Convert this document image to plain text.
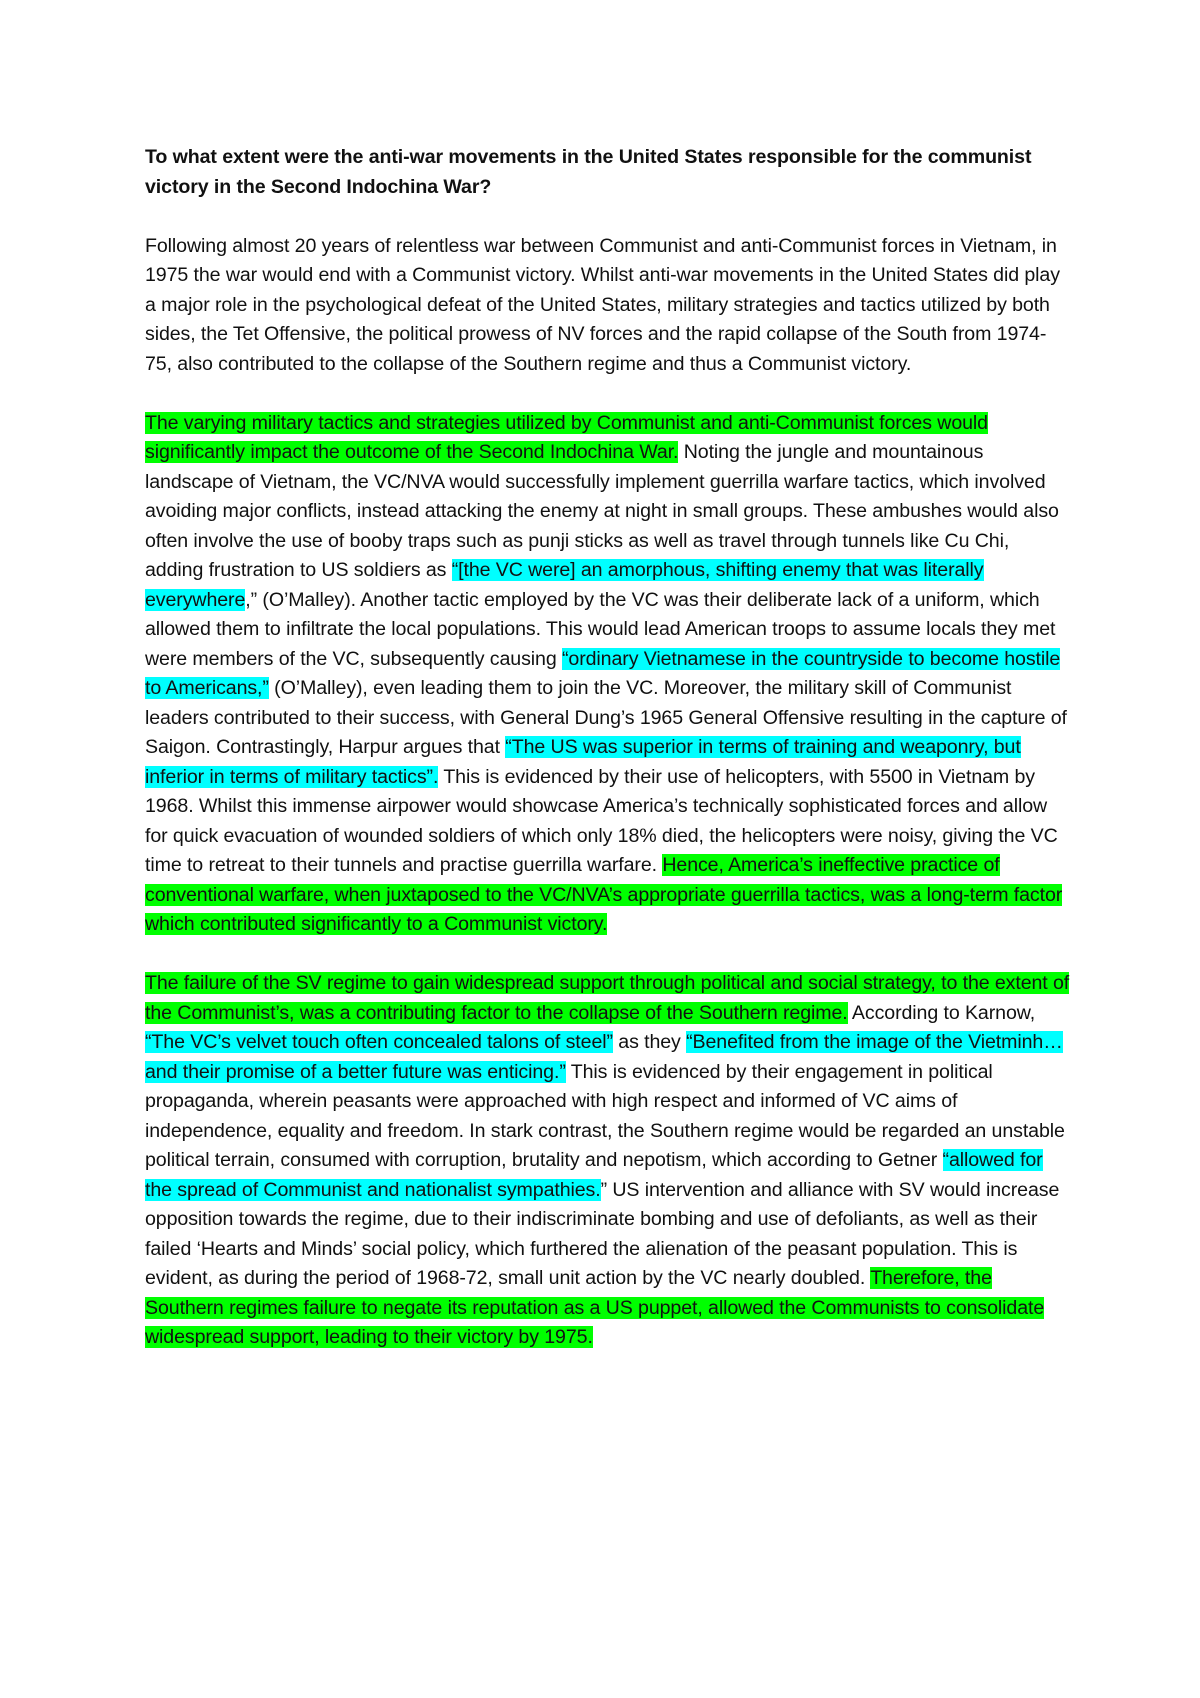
To what extent were the anti-war movements in the United States responsible for the communist victory in the Second Indochina War?

Following almost 20 years of relentless war between Communist and anti-Communist forces in Vietnam, in 1975 the war would end with a Communist victory. Whilst anti-war movements in the United States did play a major role in the psychological defeat of the United States, military strategies and tactics utilized by both sides, the Tet Offensive, the political prowess of NV forces and the rapid collapse of the South from 1974-75, also contributed to the collapse of the Southern regime and thus a Communist victory.

The varying military tactics and strategies utilized by Communist and anti-Communist forces would significantly impact the outcome of the Second Indochina War. Noting the jungle and mountainous landscape of Vietnam, the VC/NVA would successfully implement guerrilla warfare tactics, which involved avoiding major conflicts, instead attacking the enemy at night in small groups. These ambushes would also often involve the use of booby traps such as punji sticks as well as travel through tunnels like Cu Chi, adding frustration to US soldiers as “[the VC were] an amorphous, shifting enemy that was literally everywhere,” (O’Malley). Another tactic employed by the VC was their deliberate lack of a uniform, which allowed them to infiltrate the local populations. This would lead American troops to assume locals they met were members of the VC, subsequently causing “ordinary Vietnamese in the countryside to become hostile to Americans,” (O’Malley), even leading them to join the VC. Moreover, the military skill of Communist leaders contributed to their success, with General Dung’s 1965 General Offensive resulting in the capture of Saigon. Contrastingly, Harpur argues that “The US was superior in terms of training and weaponry, but inferior in terms of military tactics”. This is evidenced by their use of helicopters, with 5500 in Vietnam by 1968. Whilst this immense airpower would showcase America’s technically sophisticated forces and allow for quick evacuation of wounded soldiers of which only 18% died, the helicopters were noisy, giving the VC time to retreat to their tunnels and practise guerrilla warfare. Hence, America’s ineffective practice of conventional warfare, when juxtaposed to the VC/NVA’s appropriate guerrilla tactics, was a long-term factor which contributed significantly to a Communist victory.

The failure of the SV regime to gain widespread support through political and social strategy, to the extent of the Communist’s, was a contributing factor to the collapse of the Southern regime. According to Karnow, “The VC’s velvet touch often concealed talons of steel” as they “Benefited from the image of the Vietminh… and their promise of a better future was enticing.” This is evidenced by their engagement in political propaganda, wherein peasants were approached with high respect and informed of VC aims of independence, equality and freedom. In stark contrast, the Southern regime would be regarded an unstable political terrain, consumed with corruption, brutality and nepotism, which according to Getner “allowed for the spread of Communist and nationalist sympathies.” US intervention and alliance with SV would increase opposition towards the regime, due to their indiscriminate bombing and use of defoliants, as well as their failed ‘Hearts and Minds’ social policy, which furthered the alienation of the peasant population. This is evident, as during the period of 1968-72, small unit action by the VC nearly doubled. Therefore, the Southern regimes failure to negate its reputation as a US puppet, allowed the Communists to consolidate widespread support, leading to their victory by 1975.
